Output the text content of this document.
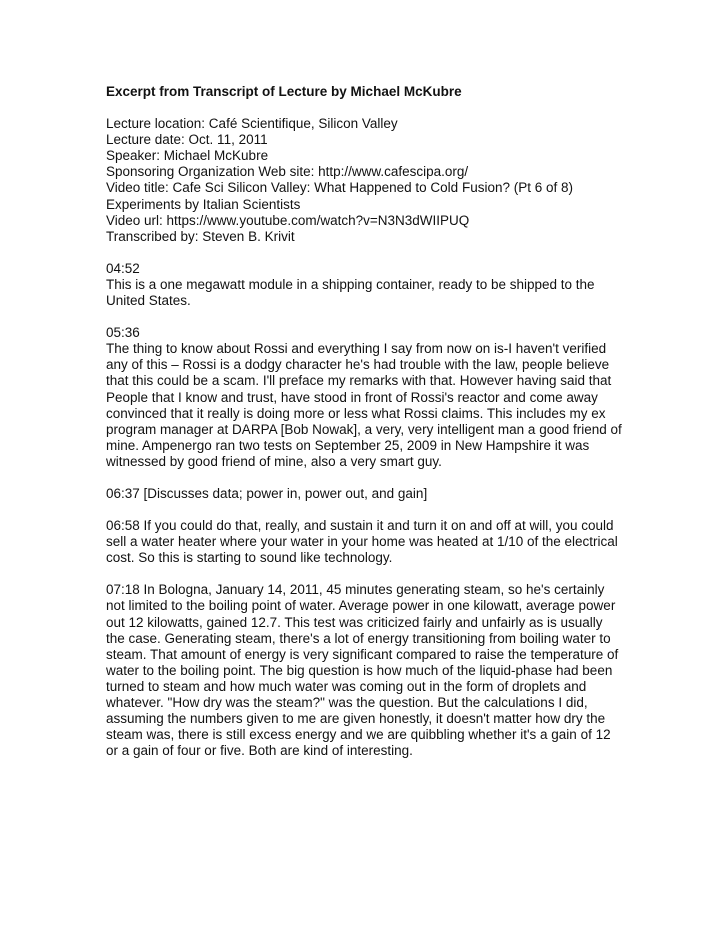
Excerpt from Transcript of Lecture by Michael McKubre
Lecture location: Café Scientifique, Silicon Valley
Lecture date: Oct. 11, 2011
Speaker: Michael McKubre
Sponsoring Organization Web site: http://www.cafescipa.org/
Video title: Cafe Sci Silicon Valley: What Happened to Cold Fusion? (Pt 6 of 8)
Experiments by Italian Scientists
Video url: https://www.youtube.com/watch?v=N3N3dWIIPUQ
Transcribed by: Steven B. Krivit
04:52

This is a one megawatt module in a shipping container, ready to be shipped to the United States.

05:36

The thing to know about Rossi and everything I say from now on is-I haven't verified any of this – Rossi is a dodgy character he's had trouble with the law, people believe that this could be a scam. I'll preface my remarks with that. However having said that People that I know and trust, have stood in front of Rossi's reactor and come away convinced that it really is doing more or less what Rossi claims. This includes my ex program manager at DARPA [Bob Nowak], a very, very intelligent man a good friend of mine. Ampenergo ran two tests on September 25, 2009 in New Hampshire it was witnessed by good friend of mine, also a very smart guy.

06:37 [Discusses data; power in, power out, and gain]

06:58 If you could do that, really, and sustain it and turn it on and off at will, you could sell a water heater where your water in your home was heated at 1/10 of the electrical cost. So this is starting to sound like technology.

07:18 In Bologna, January 14, 2011, 45 minutes generating steam, so he's certainly not limited to the boiling point of water. Average power in one kilowatt, average power out 12 kilowatts, gained 12.7. This test was criticized fairly and unfairly as is usually the case. Generating steam, there's a lot of energy transitioning from boiling water to steam. That amount of energy is very significant compared to raise the temperature of water to the boiling point. The big question is how much of the liquid-phase had been turned to steam and how much water was coming out in the form of droplets and whatever. "How dry was the steam?" was the question. But the calculations I did, assuming the numbers given to me are given honestly, it doesn't matter how dry the steam was, there is still excess energy and we are quibbling whether it's a gain of 12 or a gain of four or five. Both are kind of interesting.
